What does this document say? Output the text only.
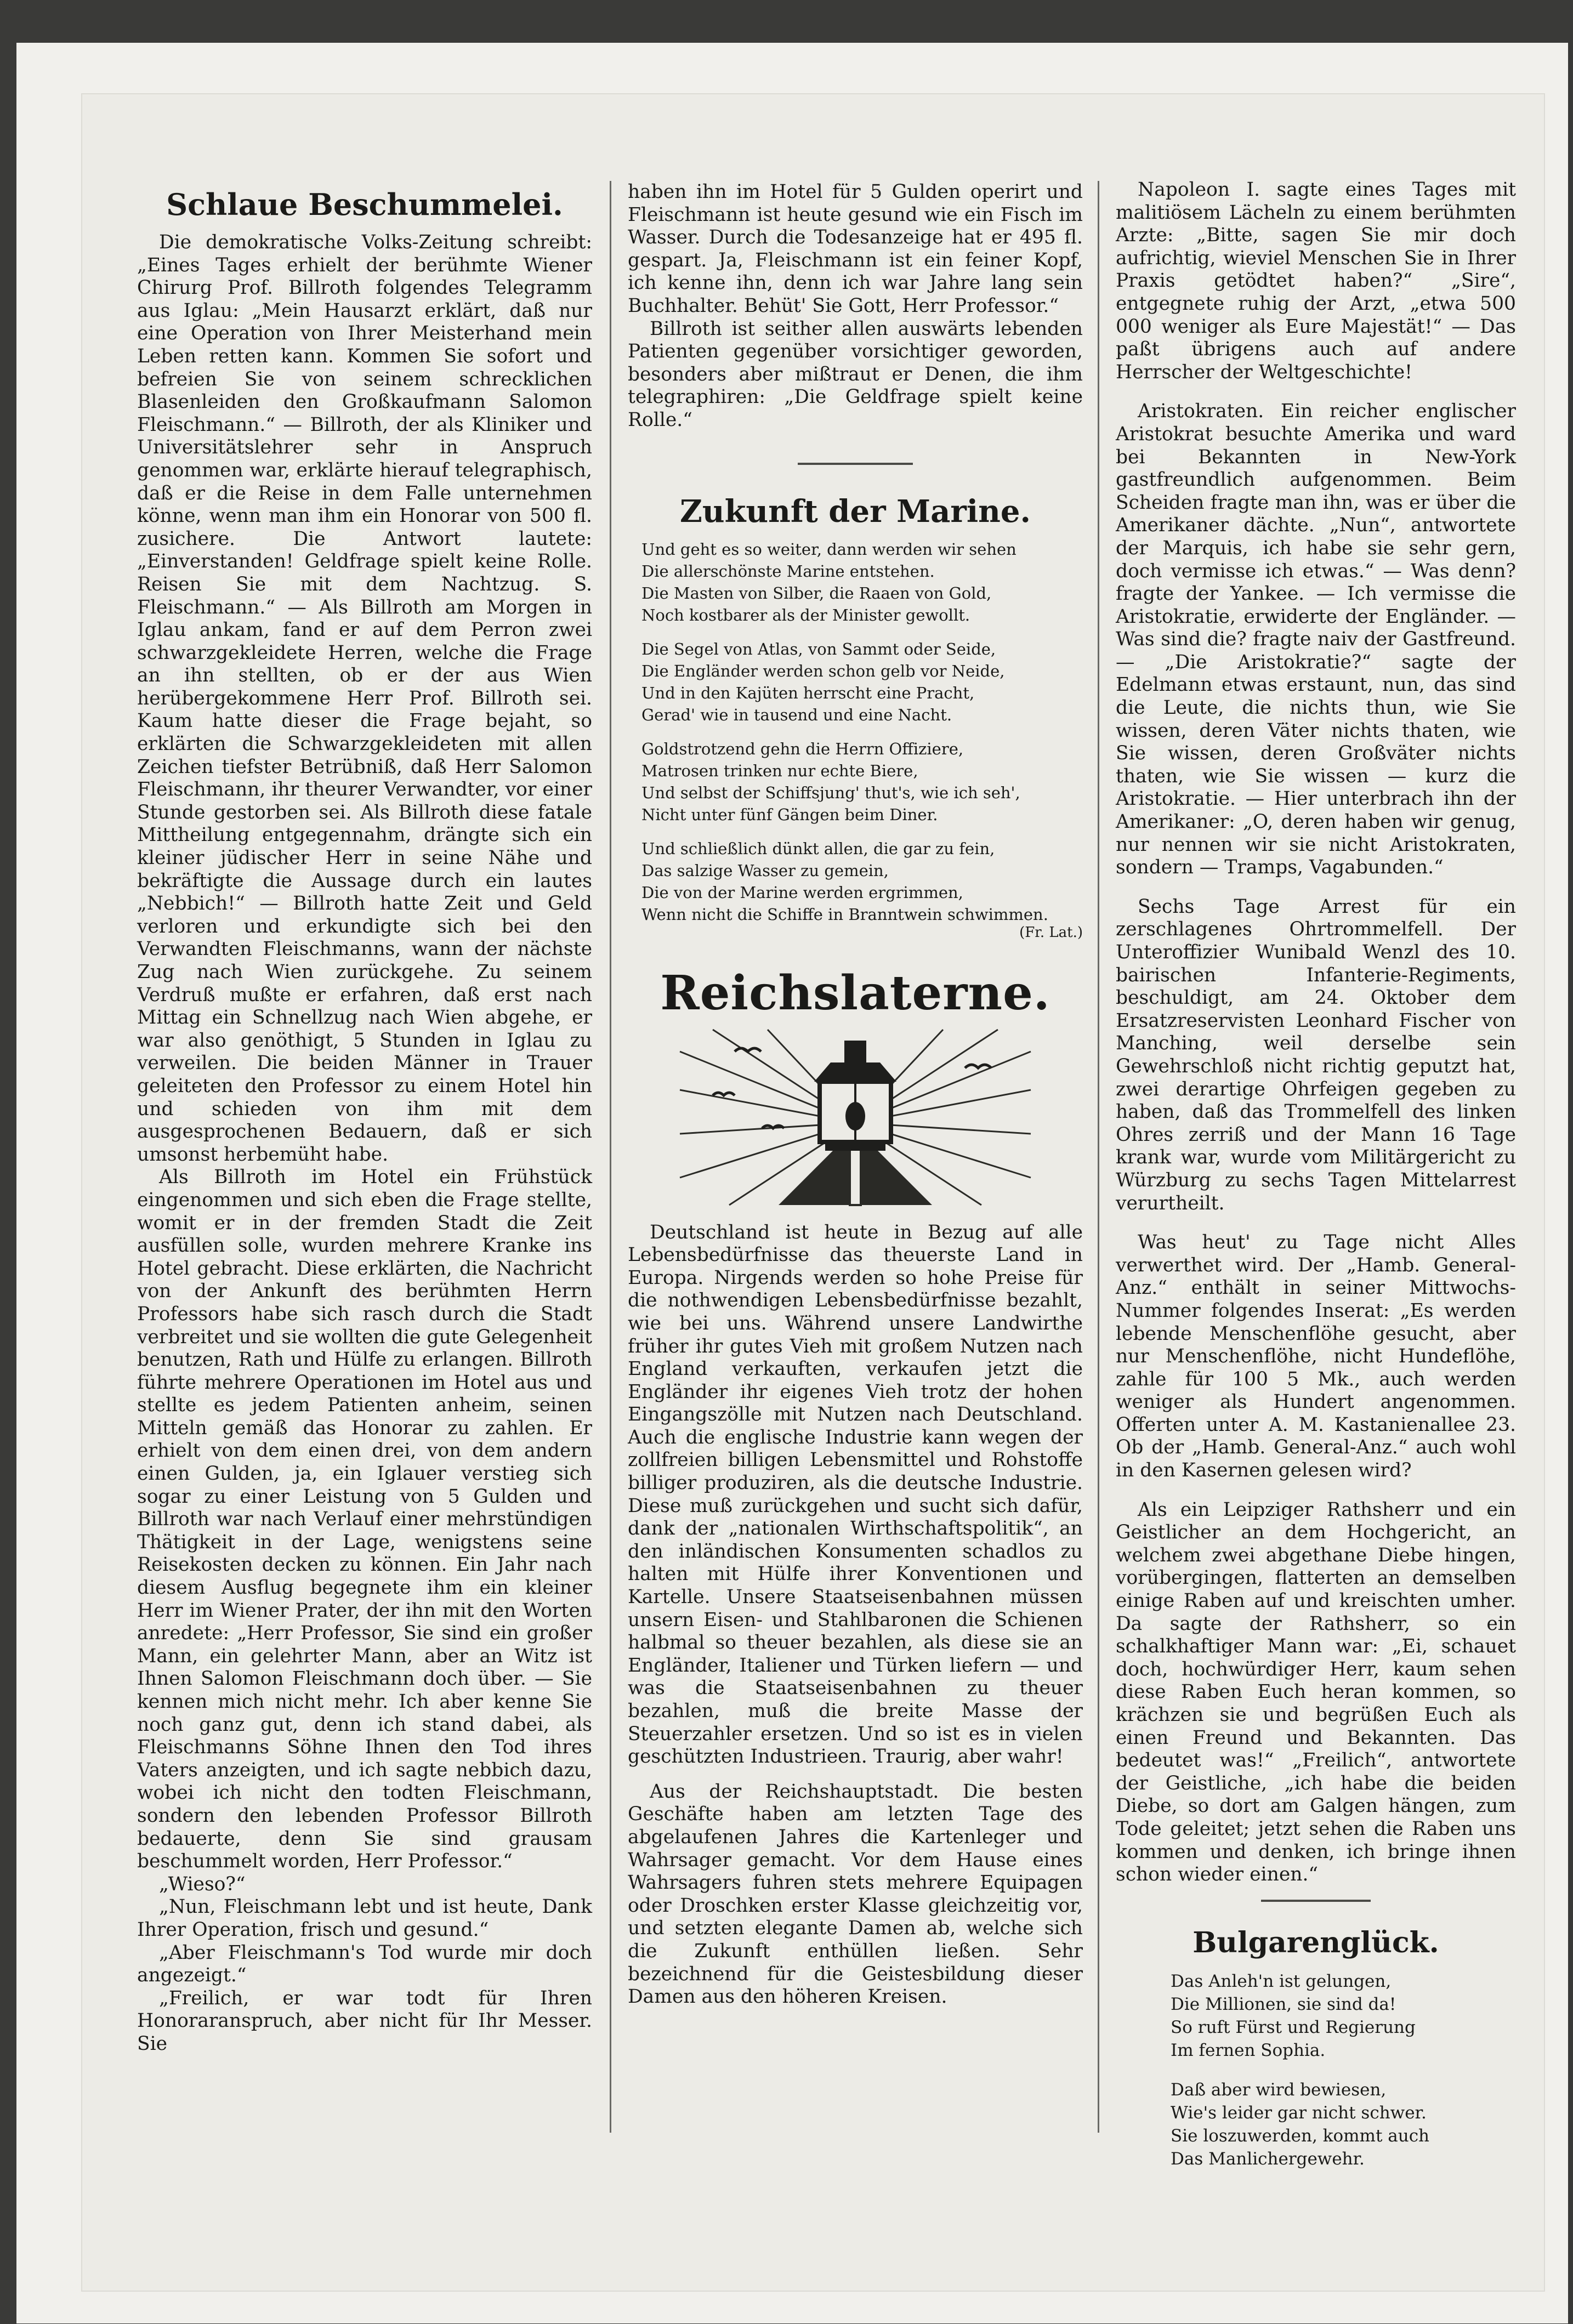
Schlaue Beschummelei.

Die demokratische Volks-Zeitung schreibt: „Eines Tages erhielt der berühmte Wiener Chirurg Prof. Billroth folgendes Telegramm aus Iglau: „Mein Hausarzt erklärt, daß nur eine Operation von Ihrer Meisterhand mein Leben retten kann. Kommen Sie sofort und befreien Sie von seinem schrecklichen Blasenleiden den Großkaufmann Salomon Fleischmann.“ — Billroth, der als Kliniker und Universitätslehrer sehr in Anspruch genommen war, erklärte hierauf telegraphisch, daß er die Reise in dem Falle unternehmen könne, wenn man ihm ein Honorar von 500 fl. zusichere. Die Antwort lautete: „Einverstanden! Geldfrage spielt keine Rolle. Reisen Sie mit dem Nachtzug. S. Fleischmann.“ — Als Billroth am Morgen in Iglau ankam, fand er auf dem Perron zwei schwarzgekleidete Herren, welche die Frage an ihn stellten, ob er der aus Wien herübergekommene Herr Prof. Billroth sei. Kaum hatte dieser die Frage bejaht, so erklärten die Schwarzgekleideten mit allen Zeichen tiefster Betrübniß, daß Herr Salomon Fleischmann, ihr theurer Verwandter, vor einer Stunde gestorben sei. Als Billroth diese fatale Mittheilung entgegennahm, drängte sich ein kleiner jüdischer Herr in seine Nähe und bekräftigte die Aussage durch ein lautes „Nebbich!“ — Billroth hatte Zeit und Geld verloren und erkundigte sich bei den Verwandten Fleischmanns, wann der nächste Zug nach Wien zurückgehe. Zu seinem Verdruß mußte er erfahren, daß erst nach Mittag ein Schnellzug nach Wien abgehe, er war also genöthigt, 5 Stunden in Iglau zu verweilen. Die beiden Männer in Trauer geleiteten den Professor zu einem Hotel hin und schieden von ihm mit dem ausgesprochenen Bedauern, daß er sich umsonst herbemüht habe.

Als Billroth im Hotel ein Frühstück eingenommen und sich eben die Frage stellte, womit er in der fremden Stadt die Zeit ausfüllen solle, wurden mehrere Kranke ins Hotel gebracht. Diese erklärten, die Nachricht von der Ankunft des berühmten Herrn Professors habe sich rasch durch die Stadt verbreitet und sie wollten die gute Gelegenheit benutzen, Rath und Hülfe zu erlangen. Billroth führte mehrere Operationen im Hotel aus und stellte es jedem Patienten anheim, seinen Mitteln gemäß das Honorar zu zahlen. Er erhielt von dem einen drei, von dem andern einen Gulden, ja, ein Iglauer verstieg sich sogar zu einer Leistung von 5 Gulden und Billroth war nach Verlauf einer mehrstündigen Thätigkeit in der Lage, wenigstens seine Reisekosten decken zu können. Ein Jahr nach diesem Ausflug begegnete ihm ein kleiner Herr im Wiener Prater, der ihn mit den Worten anredete: „Herr Professor, Sie sind ein großer Mann, ein gelehrter Mann, aber an Witz ist Ihnen Salomon Fleischmann doch über. — Sie kennen mich nicht mehr. Ich aber kenne Sie noch ganz gut, denn ich stand dabei, als Fleischmanns Söhne Ihnen den Tod ihres Vaters anzeigten, und ich sagte nebbich dazu, wobei ich nicht den todten Fleischmann, sondern den lebenden Professor Billroth bedauerte, denn Sie sind grausam beschummelt worden, Herr Professor.“

„Wieso?“

„Nun, Fleischmann lebt und ist heute, Dank Ihrer Operation, frisch und gesund.“

„Aber Fleischmann's Tod wurde mir doch angezeigt.“

„Freilich, er war todt für Ihren Honoraranspruch, aber nicht für Ihr Messer. Sie

haben ihn im Hotel für 5 Gulden operirt und Fleischmann ist heute gesund wie ein Fisch im Wasser. Durch die Todesanzeige hat er 495 fl. gespart. Ja, Fleischmann ist ein feiner Kopf, ich kenne ihn, denn ich war Jahre lang sein Buchhalter. Behüt' Sie Gott, Herr Professor.“

Billroth ist seither allen auswärts lebenden Patienten gegenüber vorsichtiger geworden, besonders aber mißtraut er Denen, die ihm telegraphiren: „Die Geldfrage spielt keine Rolle.“

Zukunft der Marine.
Und geht es so weiter, dann werden wir sehen
Die allerschönste Marine entstehen.
Die Masten von Silber, die Raaen von Gold,
Noch kostbarer als der Minister gewollt.
Die Segel von Atlas, von Sammt oder Seide,
Die Engländer werden schon gelb vor Neide,
Und in den Kajüten herrscht eine Pracht,
Gerad' wie in tausend und eine Nacht.
Goldstrotzend gehn die Herrn Offiziere,
Matrosen trinken nur echte Biere,
Und selbst der Schiffsjung' thut's, wie ich seh',
Nicht unter fünf Gängen beim Diner.
Und schließlich dünkt allen, die gar zu fein,
Das salzige Wasser zu gemein,
Die von der Marine werden ergrimmen,
Wenn nicht die Schiffe in Branntwein schwimmen.
(Fr. Lat.)
Reichslaterne.

Deutschland ist heute in Bezug auf alle Lebensbedürfnisse das theuerste Land in Europa. Nirgends werden so hohe Preise für die nothwendigen Lebensbedürfnisse bezahlt, wie bei uns. Während unsere Landwirthe früher ihr gutes Vieh mit großem Nutzen nach England verkauften, verkaufen jetzt die Engländer ihr eigenes Vieh trotz der hohen Eingangszölle mit Nutzen nach Deutschland. Auch die englische Industrie kann wegen der zollfreien billigen Lebensmittel und Rohstoffe billiger produziren, als die deutsche Industrie. Diese muß zurückgehen und sucht sich dafür, dank der „nationalen Wirthschaftspolitik“, an den inländischen Konsumenten schadlos zu halten mit Hülfe ihrer Konventionen und Kartelle. Unsere Staatseisenbahnen müssen unsern Eisen- und Stahlbaronen die Schienen halbmal so theuer bezahlen, als diese sie an Engländer, Italiener und Türken liefern — und was die Staatseisenbahnen zu theuer bezahlen, muß die breite Masse der Steuerzahler ersetzen. Und so ist es in vielen geschützten Industrieen. Traurig, aber wahr!

Aus der Reichshauptstadt. Die besten Geschäfte haben am letzten Tage des abgelaufenen Jahres die Kartenleger und Wahrsager gemacht. Vor dem Hause eines Wahrsagers fuhren stets mehrere Equipagen oder Droschken erster Klasse gleichzeitig vor, und setzten elegante Damen ab, welche sich die Zukunft enthüllen ließen. Sehr bezeichnend für die Geistesbildung dieser Damen aus den höheren Kreisen.

Napoleon I. sagte eines Tages mit malitiösem Lächeln zu einem berühmten Arzte: „Bitte, sagen Sie mir doch aufrichtig, wieviel Menschen Sie in Ihrer Praxis getödtet haben?“ „Sire“, entgegnete ruhig der Arzt, „etwa 500 000 weniger als Eure Majestät!“ — Das paßt übrigens auch auf andere Herrscher der Weltgeschichte!

Aristokraten. Ein reicher englischer Aristokrat besuchte Amerika und ward bei Bekannten in New-York gastfreundlich aufgenommen. Beim Scheiden fragte man ihn, was er über die Amerikaner dächte. „Nun“, antwortete der Marquis, ich habe sie sehr gern, doch vermisse ich etwas.“ — Was denn? fragte der Yankee. — Ich vermisse die Aristokratie, erwiderte der Engländer. — Was sind die? fragte naiv der Gastfreund. — „Die Aristokratie?“ sagte der Edelmann etwas erstaunt, nun, das sind die Leute, die nichts thun, wie Sie wissen, deren Väter nichts thaten, wie Sie wissen, deren Großväter nichts thaten, wie Sie wissen — kurz die Aristokratie. — Hier unterbrach ihn der Amerikaner: „O, deren haben wir genug, nur nennen wir sie nicht Aristokraten, sondern — Tramps, Vagabunden.“

Sechs Tage Arrest für ein zerschlagenes Ohrtrommelfell. Der Unteroffizier Wunibald Wenzl des 10. bairischen Infanterie-Regiments, beschuldigt, am 24. Oktober dem Ersatzreservisten Leonhard Fischer von Manching, weil derselbe sein Gewehrschloß nicht richtig geputzt hat, zwei derartige Ohrfeigen gegeben zu haben, daß das Trommelfell des linken Ohres zerriß und der Mann 16 Tage krank war, wurde vom Militärgericht zu Würzburg zu sechs Tagen Mittelarrest verurtheilt.

Was heut' zu Tage nicht Alles verwerthet wird. Der „Hamb. General-Anz.“ enthält in seiner Mittwochs-Nummer folgendes Inserat: „Es werden lebende Menschenflöhe gesucht, aber nur Menschenflöhe, nicht Hundeflöhe, zahle für 100 5 Mk., auch werden weniger als Hundert angenommen. Offerten unter A. M. Kastanienallee 23. Ob der „Hamb. General-Anz.“ auch wohl in den Kasernen gelesen wird?

Als ein Leipziger Rathsherr und ein Geistlicher an dem Hochgericht, an welchem zwei abgethane Diebe hingen, vorübergingen, flatterten an demselben einige Raben auf und kreischten umher. Da sagte der Rathsherr, so ein schalkhaftiger Mann war: „Ei, schauet doch, hochwürdiger Herr, kaum sehen diese Raben Euch heran kommen, so krächzen sie und begrüßen Euch als einen Freund und Bekannten. Das bedeutet was!“ „Freilich“, antwortete der Geistliche, „ich habe die beiden Diebe, so dort am Galgen hängen, zum Tode geleitet; jetzt sehen die Raben uns kommen und denken, ich bringe ihnen schon wieder einen.“

Bulgarenglück.
Das Anleh'n ist gelungen,
Die Millionen, sie sind da!
So ruft Fürst und Regierung
Im fernen Sophia.
Daß aber wird bewiesen,
Wie's leider gar nicht schwer.
Sie loszuwerden, kommt auch
Das Manlichergewehr.
